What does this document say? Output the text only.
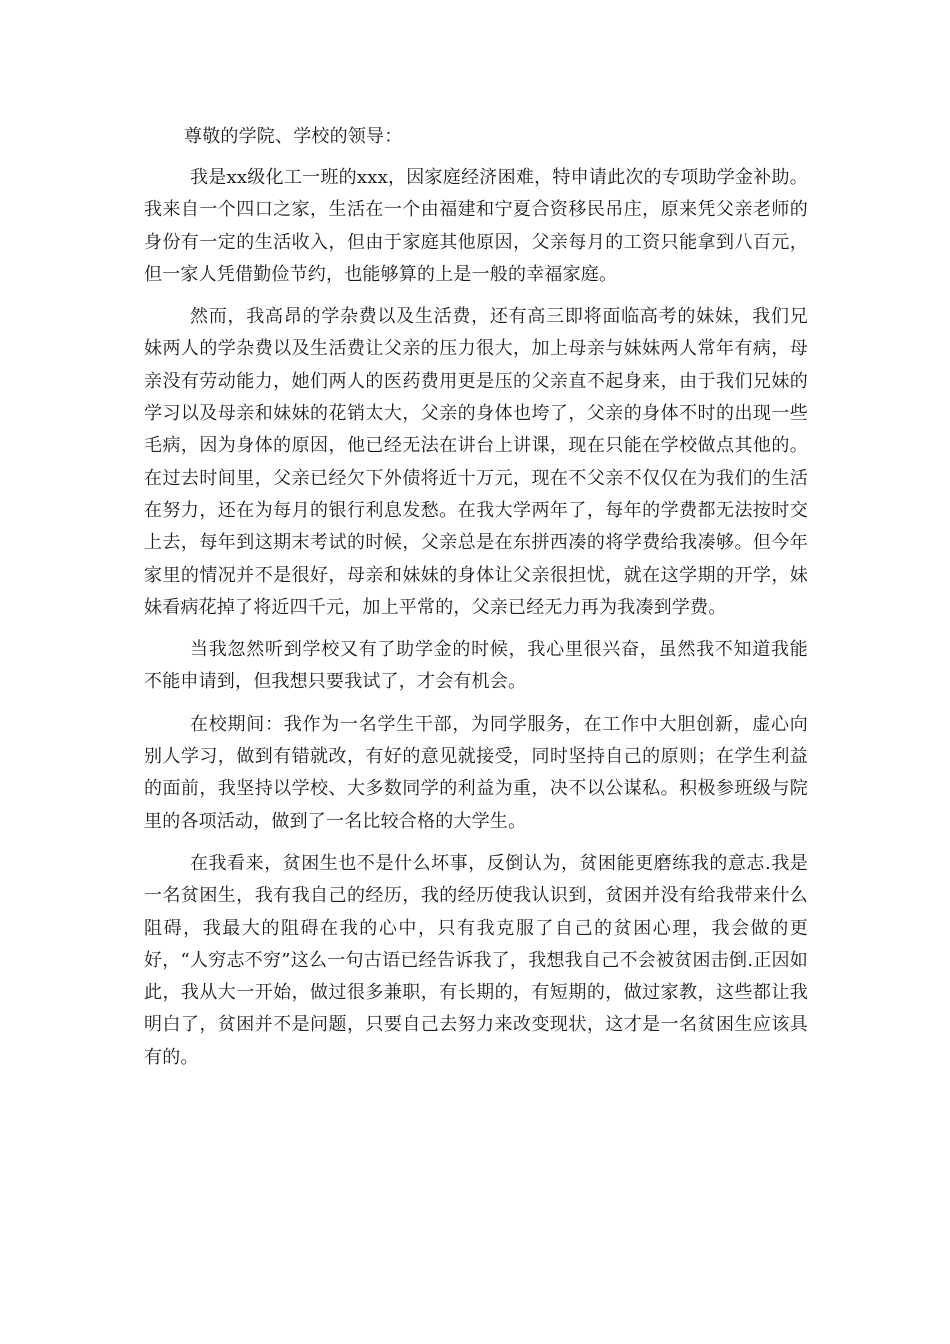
尊敬的学院、学校的领导：

我是xx级化工一班的xxx，因家庭经济困难，特申请此次的专项助学金补助。我来自一个四口之家，生活在一个由福建和宁夏合资移民吊庄，原来凭父亲老师的身份有一定的生活收入，但由于家庭其他原因，父亲每月的工资只能拿到八百元，但一家人凭借勤俭节约，也能够算的上是一般的幸福家庭。

然而，我高昂的学杂费以及生活费，还有高三即将面临高考的妹妹，我们兄妹两人的学杂费以及生活费让父亲的压力很大，加上母亲与妹妹两人常年有病，母亲没有劳动能力，她们两人的医药费用更是压的父亲直不起身来，由于我们兄妹的学习以及母亲和妹妹的花销太大，父亲的身体也垮了，父亲的身体不时的出现一些毛病，因为身体的原因，他已经无法在讲台上讲课，现在只能在学校做点其他的。在过去时间里，父亲已经欠下外债将近十万元，现在不父亲不仅仅在为我们的生活在努力，还在为每月的银行利息发愁。在我大学两年了，每年的学费都无法按时交上去，每年到这期末考试的时候，父亲总是在东拼西凑的将学费给我凑够。但今年家里的情况并不是很好，母亲和妹妹的身体让父亲很担忧，就在这学期的开学，妹妹看病花掉了将近四千元，加上平常的，父亲已经无力再为我凑到学费。

当我忽然听到学校又有了助学金的时候，我心里很兴奋，虽然我不知道我能不能申请到，但我想只要我试了，才会有机会。

在校期间：我作为一名学生干部，为同学服务，在工作中大胆创新，虚心向别人学习，做到有错就改，有好的意见就接受，同时坚持自己的原则；在学生利益的面前，我坚持以学校、大多数同学的利益为重，决不以公谋私。积极参班级与院里的各项活动，做到了一名比较合格的大学生。

在我看来，贫困生也不是什么坏事，反倒认为，贫困能更磨练我的意志.我是一名贫困生，我有我自己的经历，我的经历使我认识到，贫困并没有给我带来什么阻碍，我最大的阻碍在我的心中，只有我克服了自己的贫困心理，我会做的更好，“人穷志不穷”这么一句古语已经告诉我了，我想我自己不会被贫困击倒.正因如此，我从大一开始，做过很多兼职，有长期的，有短期的，做过家教，这些都让我明白了，贫困并不是问题，只要自己去努力来改变现状，这才是一名贫困生应该具有的。
